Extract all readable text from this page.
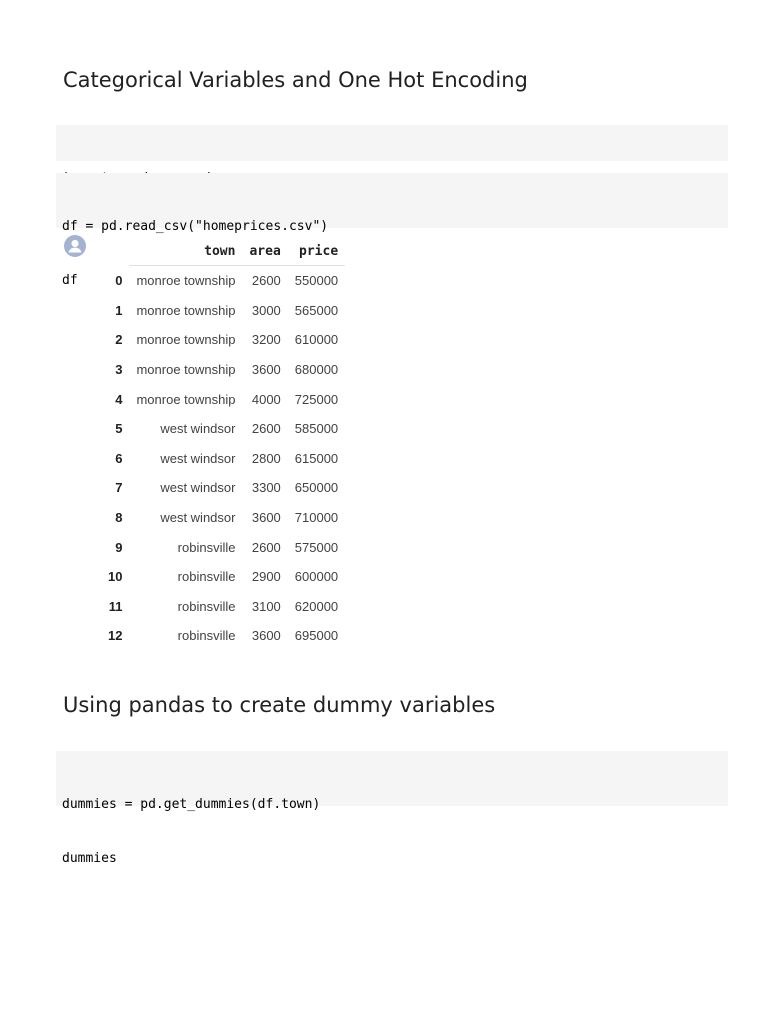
Categorical Variables and One Hot Encoding

df = pd.read_csv("homeprices.csv")

df

	town	area	price
0	monroe township	2600	550000
1	monroe township	3000	565000
2	monroe township	3200	610000
3	monroe township	3600	680000
4	monroe township	4000	725000
5	west windsor	2600	585000
6	west windsor	2800	615000
7	west windsor	3300	650000
8	west windsor	3600	710000
9	robinsville	2600	575000
10	robinsville	2900	600000
11	robinsville	3100	620000
12	robinsville	3600	695000
Using pandas to create dummy variables

dummies = pd.get_dummies(df.town)

dummies
